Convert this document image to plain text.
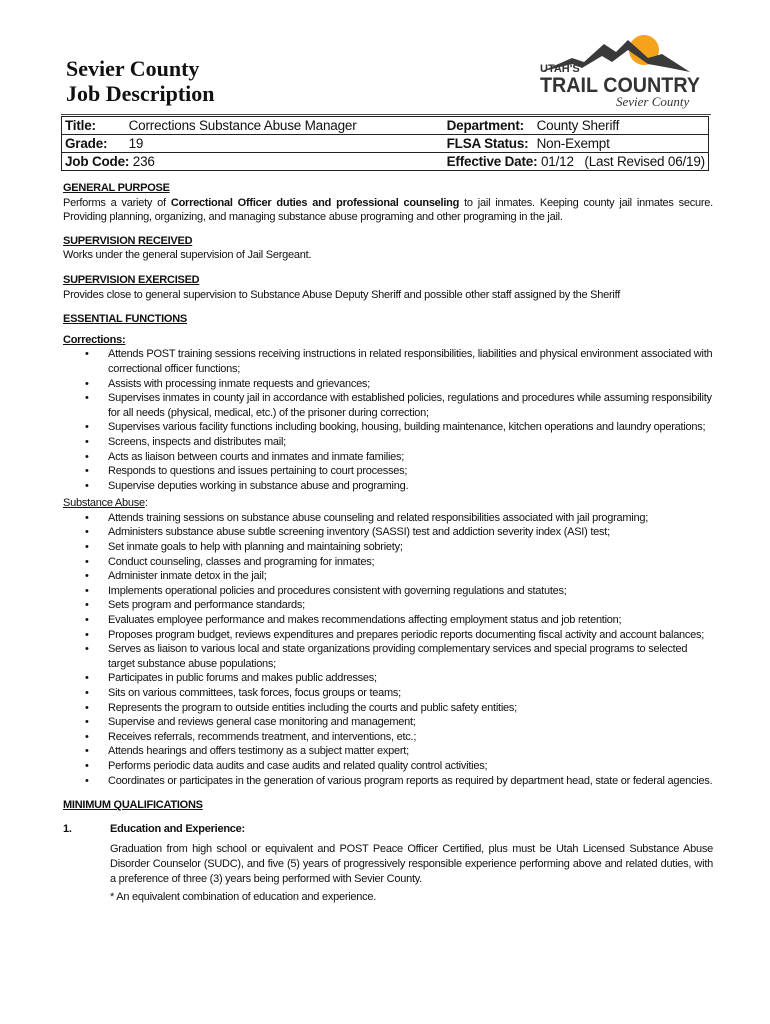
Sevier County
Job Description
UTAH'S
TRAIL COUNTRY
Sevier County
Title:	Corrections Substance Abuse Manager	Department:	County Sheriff
Grade:	19	FLSA Status:	Non-Exempt
Job Code: 236		Effective Date: 01/12   (Last Revised 06/19)	
GENERAL PURPOSE
Performs a variety of Correctional Officer duties and professional counseling to jail inmates. Keeping county jail inmates secure. Providing planning, organizing, and managing substance abuse programing and other programing in the jail.
SUPERVISION RECEIVED
Works under the general supervision of Jail Sergeant.
SUPERVISION EXERCISED
Provides close to general supervision to Substance Abuse Deputy Sheriff and possible other staff assigned by the Sheriff
ESSENTIAL FUNCTIONS
Corrections:
• Attends POST training sessions receiving instructions in related responsibilities, liabilities and physical environment associated with correctional officer functions;
• Assists with processing inmate requests and grievances;
• Supervises inmates in county jail in accordance with established policies, regulations and procedures while assuming responsibility for all needs (physical, medical, etc.) of the prisoner during correction;
• Supervises various facility functions including booking, housing, building maintenance, kitchen operations and laundry operations;
• Screens, inspects and distributes mail;
• Acts as liaison between courts and inmates and inmate families;
• Responds to questions and issues pertaining to court processes;
• Supervise deputies working in substance abuse and programing.
Substance Abuse:
• Attends training sessions on substance abuse counseling and related responsibilities associated with jail programing;
• Administers substance abuse subtle screening inventory (SASSI) test and addiction severity index (ASI) test;
• Set inmate goals to help with planning and maintaining sobriety;
• Conduct counseling, classes and programing for inmates;
• Administer inmate detox in the jail;
• Implements operational policies and procedures consistent with governing regulations and statutes;
• Sets program and performance standards;
• Evaluates employee performance and makes recommendations affecting employment status and job retention;
• Proposes program budget, reviews expenditures and prepares periodic reports documenting fiscal activity and account balances;
• Serves as liaison to various local and state organizations providing complementary services and special programs to selected target substance abuse populations;
• Participates in public forums and makes public addresses;
• Sits on various committees, task forces, focus groups or teams;
• Represents the program to outside entities including the courts and public safety entities;
• Supervise and reviews general case monitoring and management;
• Receives referrals, recommends treatment, and interventions, etc.;
• Attends hearings and offers testimony as a subject matter expert;
• Performs periodic data audits and case audits and related quality control activities;
• Coordinates or participates in the generation of various program reports as required by department head, state or federal agencies.
MINIMUM QUALIFICATIONS
1.	Education and Experience:
Graduation from high school or equivalent and POST Peace Officer Certified, plus must be Utah Licensed Substance Abuse Disorder Counselor (SUDC), and five (5) years of progressively responsible experience performing above and related duties, with a preference of three (3) years being performed with Sevier County.
* An equivalent combination of education and experience.
